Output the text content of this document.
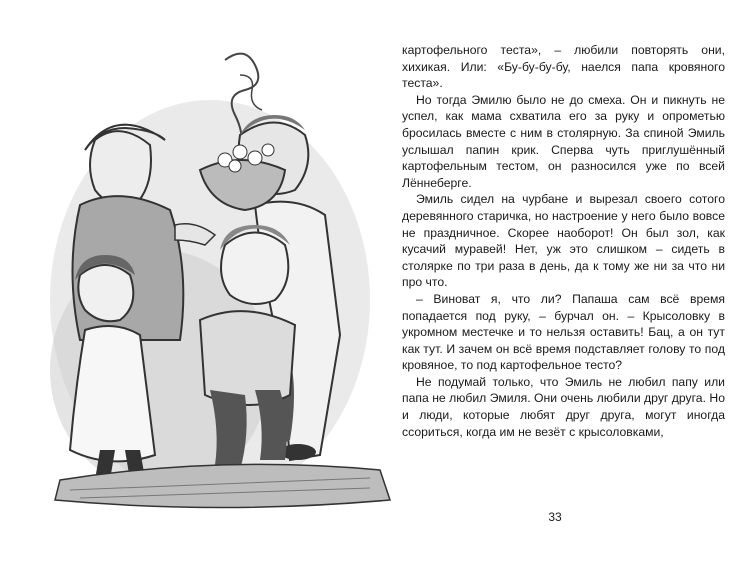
картофельного теста», – любили повторять они, хихикая. Или: «Бу-бу-бу-бу, наелся папа кровяного теста».

Но тогда Эмилю было не до смеха. Он и пикнуть не успел, как мама схватила его за руку и опрометью бросилась вместе с ним в столярную. За спиной Эмиль услышал папин крик. Сперва чуть приглушённый картофельным тестом, он разносился уже по всей Лённеберге.

Эмиль сидел на чурбане и вырезал своего сотого деревянного старичка, но настроение у него было вовсе не праздничное. Скорее наоборот! Он был зол, как кусачий муравей! Нет, уж это слишком – сидеть в столярке по три раза в день, да к тому же ни за что ни про что.

– Виноват я, что ли? Папаша сам всё время попадается под руку, – бурчал он. – Крысоловку в укромном местечке и то нельзя оставить! Бац, а он тут как тут. И зачем он всё время подставляет голову то под кровяное, то под картофельное тесто?

Не подумай только, что Эмиль не любил папу или папа не любил Эмиля. Они очень любили друг друга. Но и люди, которые любят друг друга, могут иногда ссориться, когда им не везёт с крысоловками,

33
